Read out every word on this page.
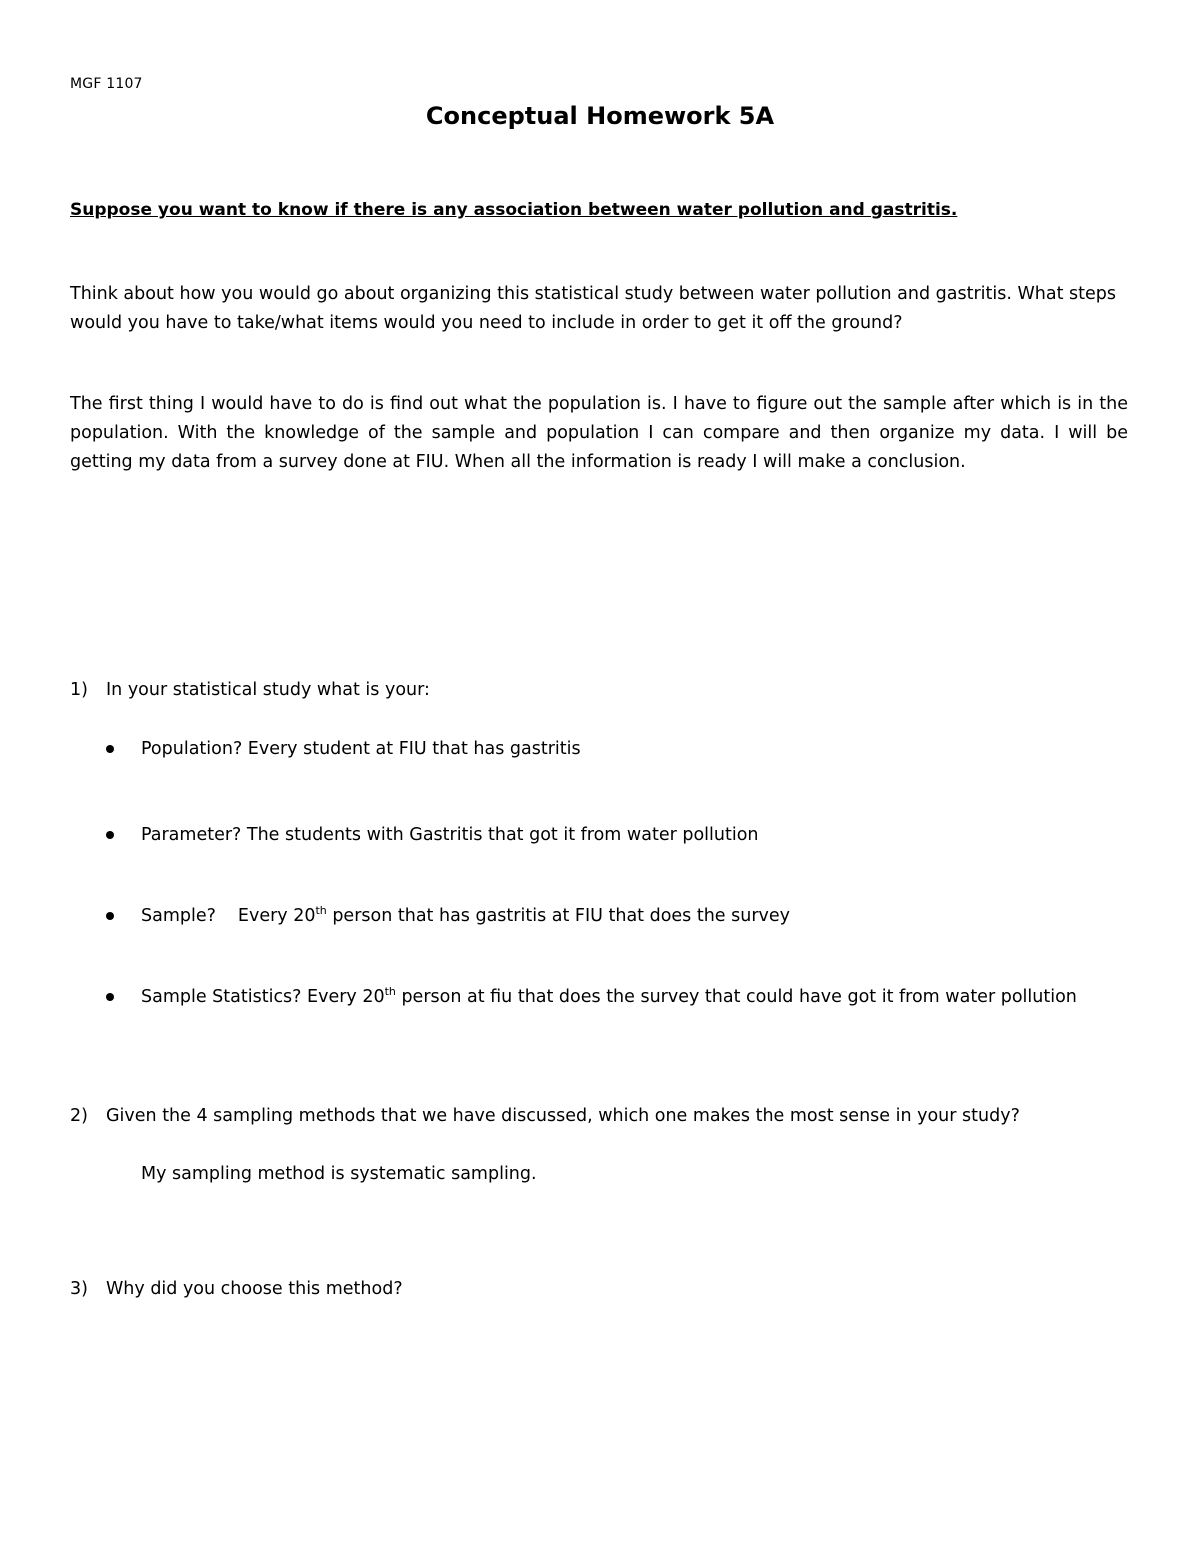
MGF 1107
Conceptual Homework 5A
Suppose you want to know if there is any association between water pollution and gastritis.
Think about how you would go about organizing this statistical study between water pollution and gastritis. What steps would you have to take/what items would you need to include in order to get it off the ground?
The first thing I would have to do is find out what the population is. I have to figure out the sample after which is in the population. With the knowledge of the sample and population I can compare and then organize my data. I will be getting my data from a survey done at FIU. When all the information is ready I will make a conclusion.
1) In your statistical study what is your:
Population? Every student at FIU that has gastritis
Parameter? The students with Gastritis that got it from water pollution
Sample? Every 20th person that has gastritis at FIU that does the survey
Sample Statistics? Every 20th person at fiu that does the survey that could have got it from water pollution
2) Given the 4 sampling methods that we have discussed, which one makes the most sense in your study?
My sampling method is systematic sampling.
3) Why did you choose this method?
